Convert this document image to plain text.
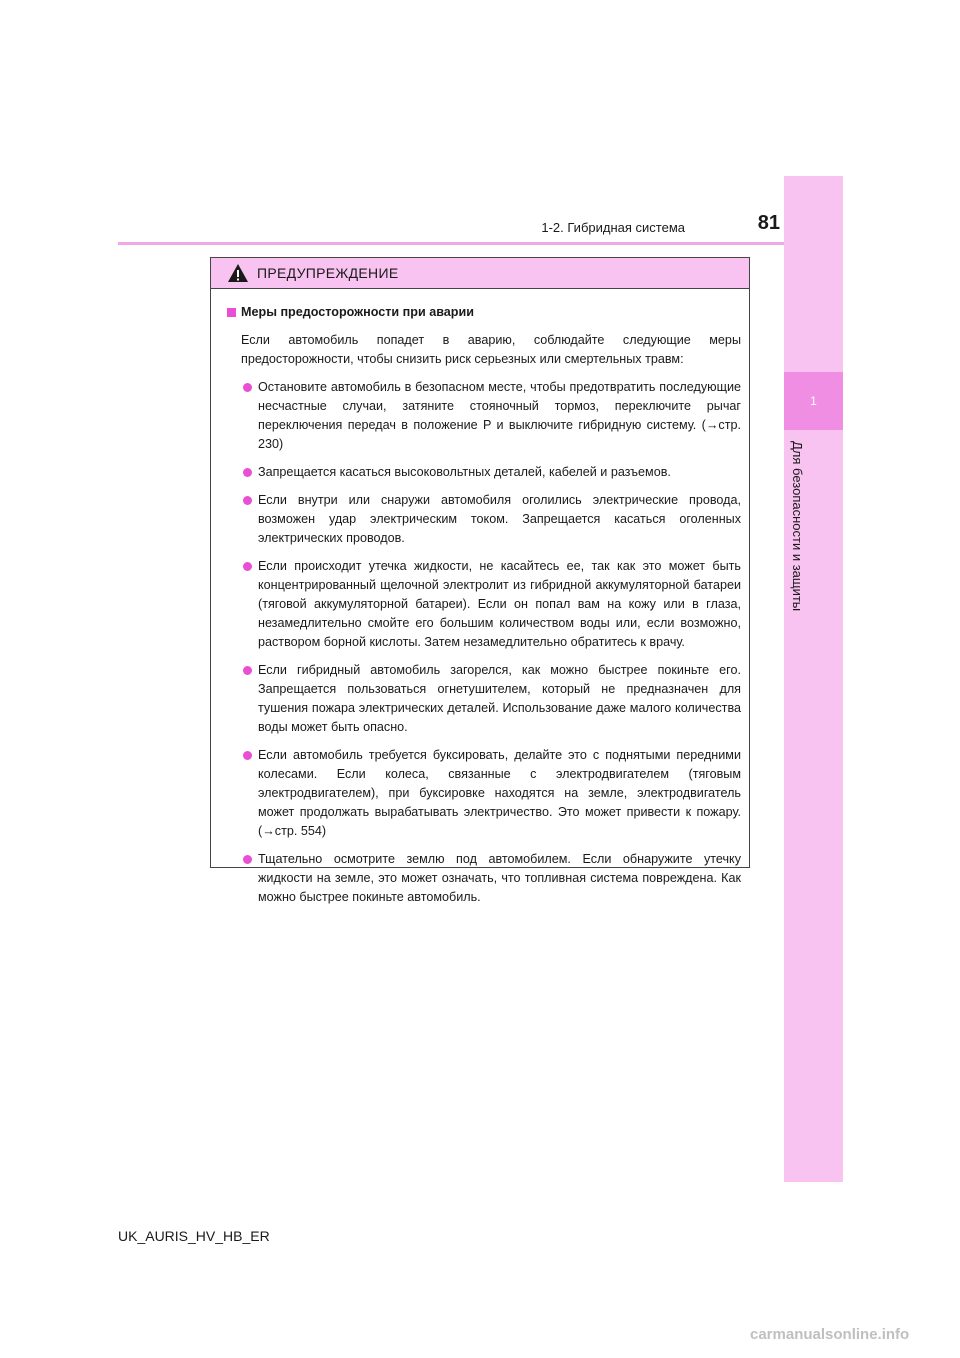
1
Для безопасности и защиты
1-2. Гибридная система	81
ПРЕДУПРЕЖДЕНИЕ
Меры предосторожности при аварии
Если автомобиль попадет в аварию, соблюдайте следующие меры предосторожности, чтобы снизить риск серьезных или смертельных травм:
Остановите автомобиль в безопасном месте, чтобы предотвратить последующие несчастные случаи, затяните стояночный тормоз, переключите рычаг переключения передач в положение P и выключите гибридную систему. (→стр. 230)
Запрещается касаться высоковольтных деталей, кабелей и разъемов.
Если внутри или снаружи автомобиля оголились электрические провода, возможен удар электрическим током. Запрещается касаться оголенных электрических проводов.
Если происходит утечка жидкости, не касайтесь ее, так как это может быть концентрированный щелочной электролит из гибридной аккумуляторной батареи (тяговой аккумуляторной батареи). Если он попал вам на кожу или в глаза, незамедлительно смойте его большим количеством воды или, если возможно, раствором борной кислоты. Затем незамедлительно обратитесь к врачу.
Если гибридный автомобиль загорелся, как можно быстрее покиньте его. Запрещается пользоваться огнетушителем, который не предназначен для тушения пожара электрических деталей. Использование даже малого количества воды может быть опасно.
Если автомобиль требуется буксировать, делайте это с поднятыми передними колесами. Если колеса, связанные с электродвигателем (тяговым электродвигателем), при буксировке находятся на земле, электродвигатель может продолжать вырабатывать электричество. Это может привести к пожару. (→стр. 554)
Тщательно осмотрите землю под автомобилем. Если обнаружите утечку жидкости на земле, это может означать, что топливная система повреждена. Как можно быстрее покиньте автомобиль.
UK_AURIS_HV_HB_ER
carmanualsonline.info
